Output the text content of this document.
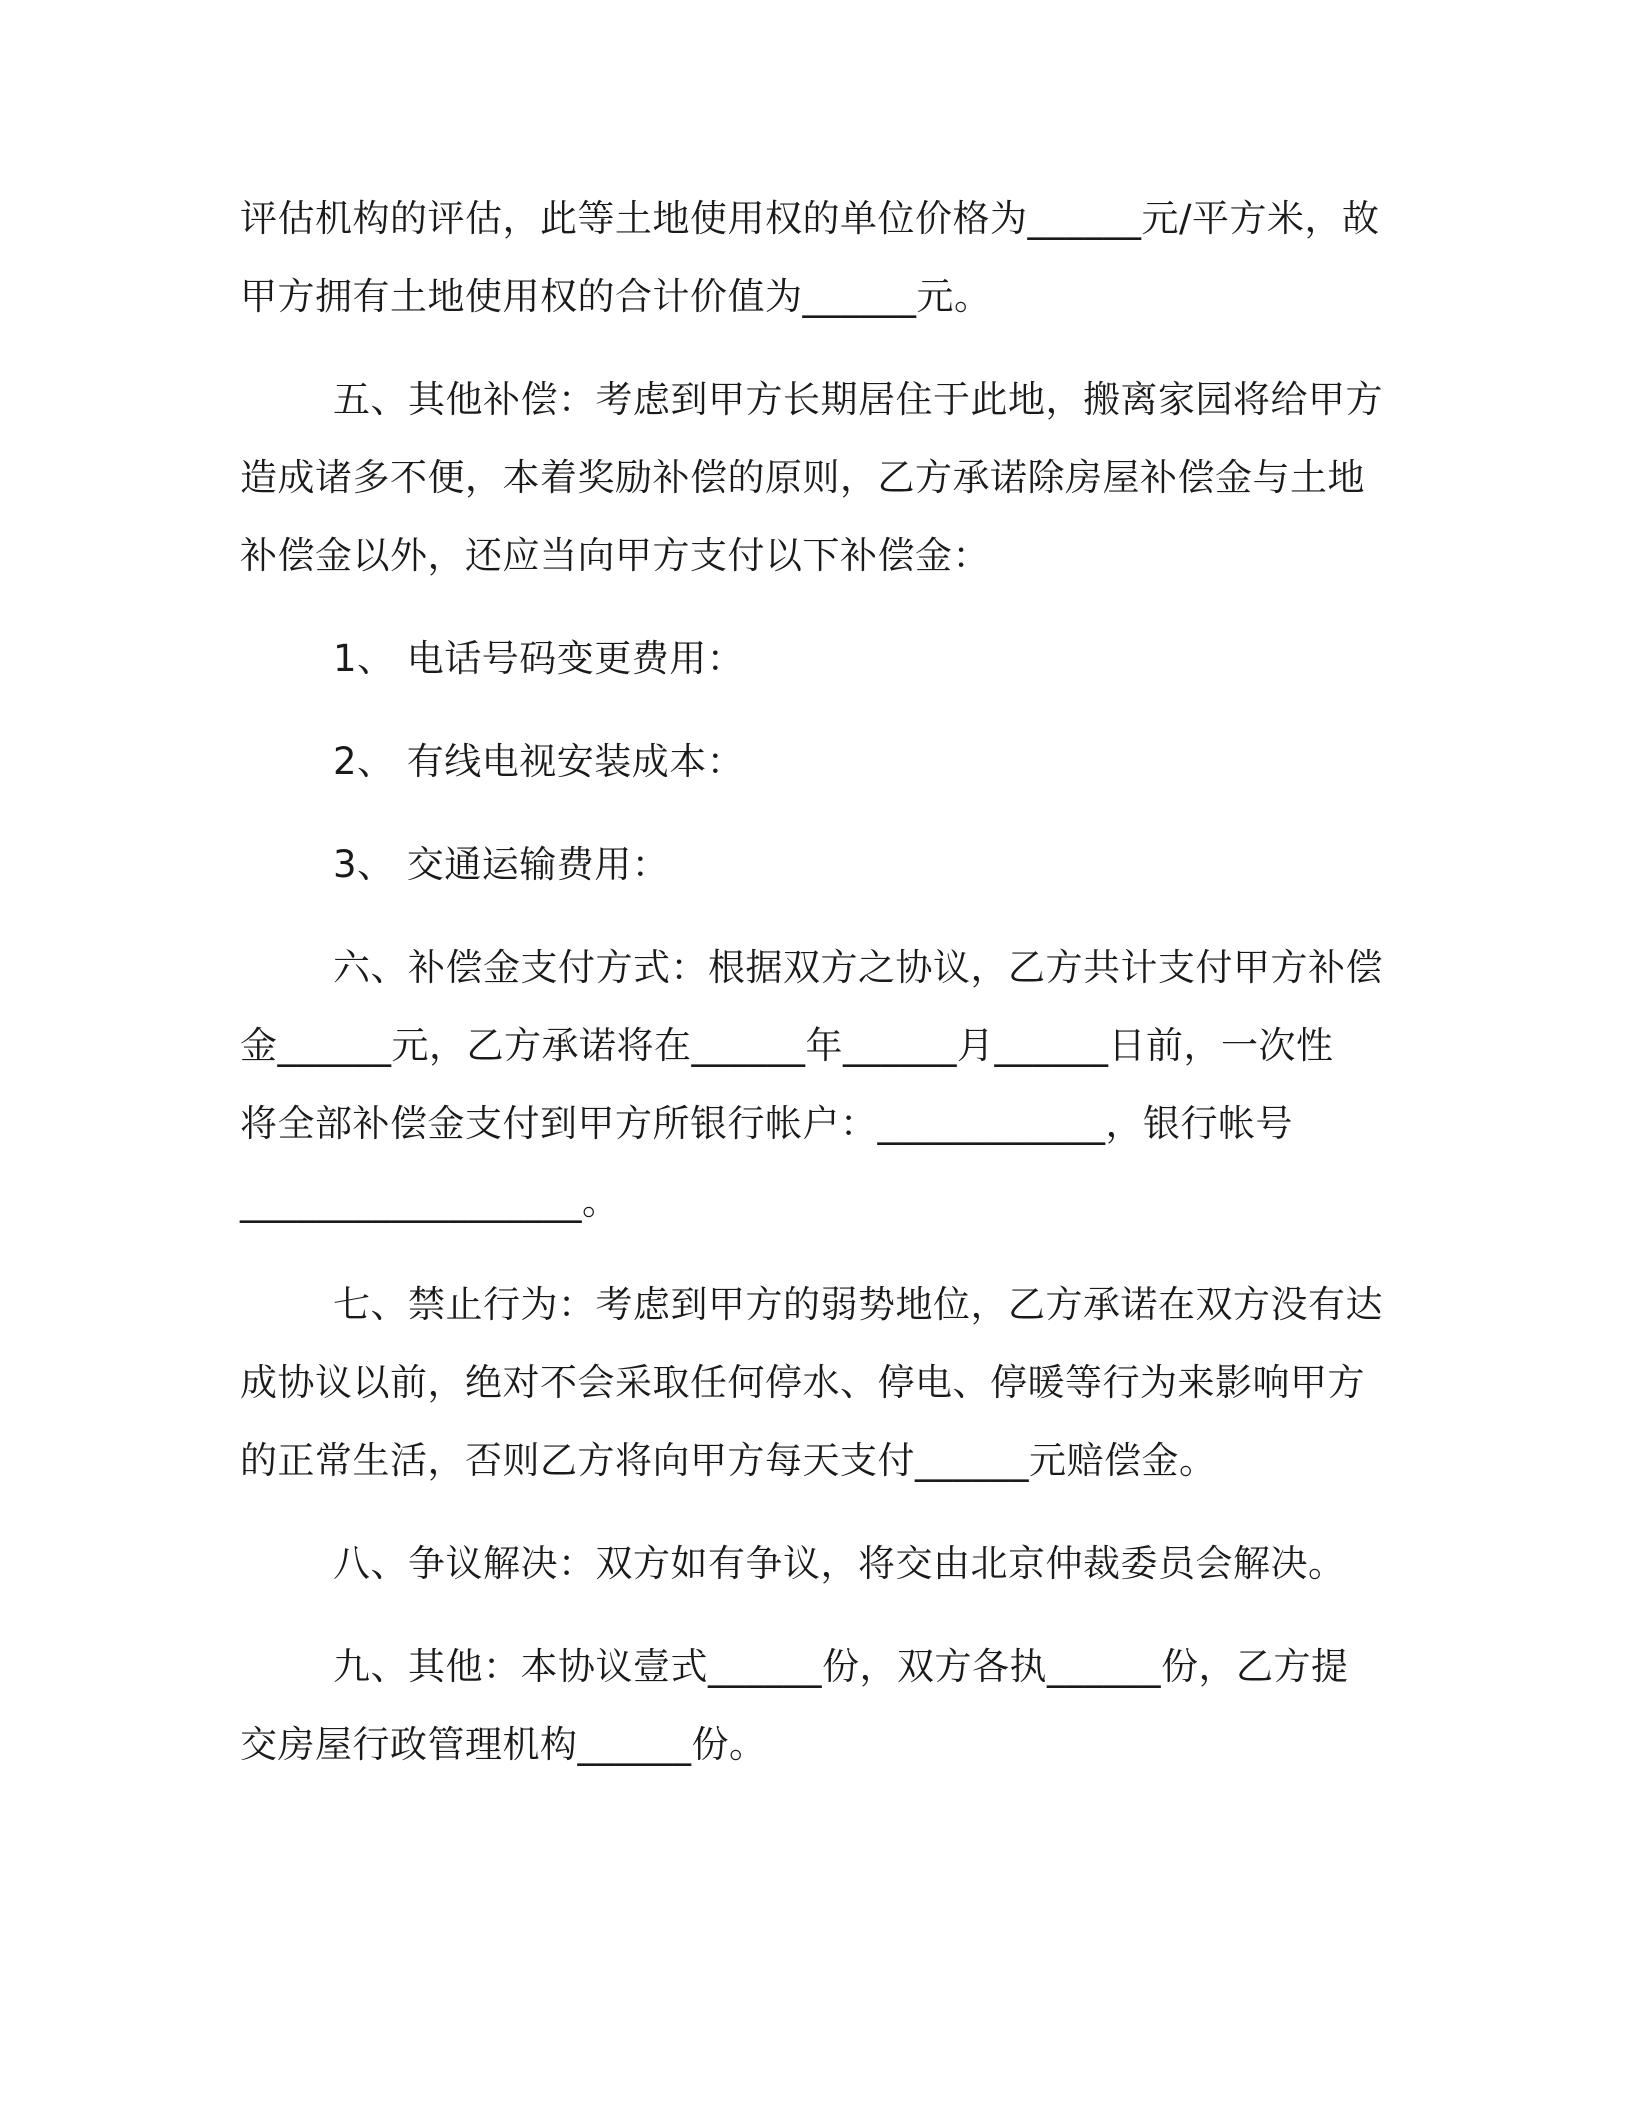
评估机构的评估，此等土地使用权的单位价格为______元/平方米，故
甲方拥有土地使用权的合计价值为______元。
五、其他补偿：考虑到甲方长期居住于此地，搬离家园将给甲方
造成诸多不便，本着奖励补偿的原则，乙方承诺除房屋补偿金与土地
补偿金以外，还应当向甲方支付以下补偿金：
1、 电话号码变更费用：
2、 有线电视安装成本：
3、 交通运输费用：
六、补偿金支付方式：根据双方之协议，乙方共计支付甲方补偿
金______元，乙方承诺将在______年______月______日前，一次性
将全部补偿金支付到甲方所银行帐户：____________，银行帐号
__________________。
七、禁止行为：考虑到甲方的弱势地位，乙方承诺在双方没有达
成协议以前，绝对不会采取任何停水、停电、停暖等行为来影响甲方
的正常生活，否则乙方将向甲方每天支付______元赔偿金。
八、争议解决：双方如有争议，将交由北京仲裁委员会解决。
九、其他：本协议壹式______份，双方各执______份，乙方提
交房屋行政管理机构______份。
